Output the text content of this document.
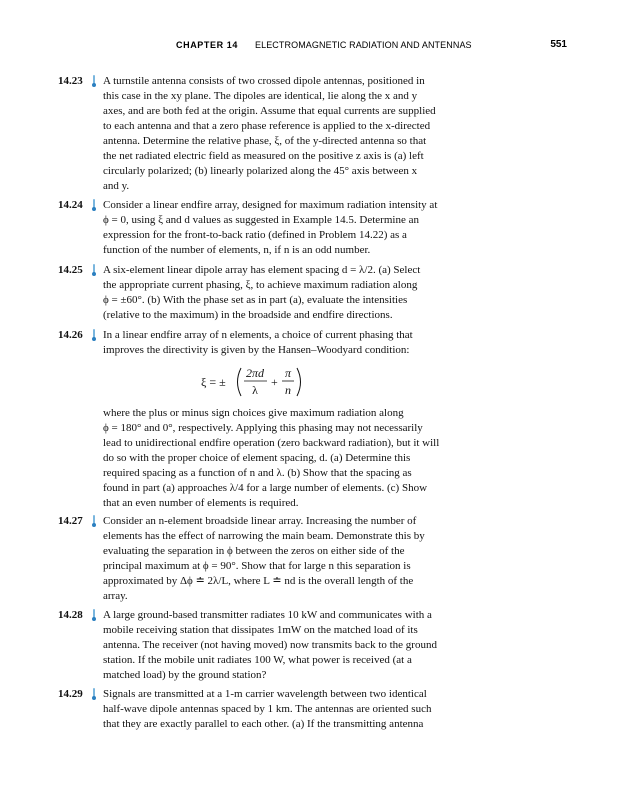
CHAPTER 14 ELECTROMAGNETIC RADIATION AND ANTENNAS	551
14.23 A turnstile antenna consists of two crossed dipole antennas, positioned in
this case in the xy plane. The dipoles are identical, lie along the x and y
axes, and are both fed at the origin. Assume that equal currents are supplied
to each antenna and that a zero phase reference is applied to the x-directed
antenna. Determine the relative phase, ξ, of the y-directed antenna so that
the net radiated electric field as measured on the positive z axis is (a) left
circularly polarized; (b) linearly polarized along the 45° axis between x
and y.
14.24 Consider a linear endfire array, designed for maximum radiation intensity at
ϕ = 0, using ξ and d values as suggested in Example 14.5. Determine an
expression for the front-to-back ratio (defined in Problem 14.22) as a
function of the number of elements, n, if n is an odd number.
14.25 A six-element linear dipole array has element spacing d = λ/2. (a) Select
the appropriate current phasing, ξ, to achieve maximum radiation along
ϕ = ±60°. (b) With the phase set as in part (a), evaluate the intensities
(relative to the maximum) in the broadside and endfire directions.
14.26 In a linear endfire array of n elements, a choice of current phasing that
improves the directivity is given by the Hansen–Woodyard condition:
ξ = ±
2πd
λ
+
π
n
where the plus or minus sign choices give maximum radiation along
ϕ = 180° and 0°, respectively. Applying this phasing may not necessarily
lead to unidirectional endfire operation (zero backward radiation), but it will
do so with the proper choice of element spacing, d. (a) Determine this
required spacing as a function of n and λ. (b) Show that the spacing as
found in part (a) approaches λ/4 for a large number of elements. (c) Show
that an even number of elements is required.
14.27 Consider an n-element broadside linear array. Increasing the number of
elements has the effect of narrowing the main beam. Demonstrate this by
evaluating the separation in ϕ between the zeros on either side of the
principal maximum at ϕ = 90°. Show that for large n this separation is
approximated by Δϕ ≐ 2λ/L, where L ≐ nd is the overall length of the
array.
14.28 A large ground-based transmitter radiates 10 kW and communicates with a
mobile receiving station that dissipates 1mW on the matched load of its
antenna. The receiver (not having moved) now transmits back to the ground
station. If the mobile unit radiates 100 W, what power is received (at a
matched load) by the ground station?
14.29 Signals are transmitted at a 1-m carrier wavelength between two identical
half-wave dipole antennas spaced by 1 km. The antennas are oriented such
that they are exactly parallel to each other. (a) If the transmitting antenna
